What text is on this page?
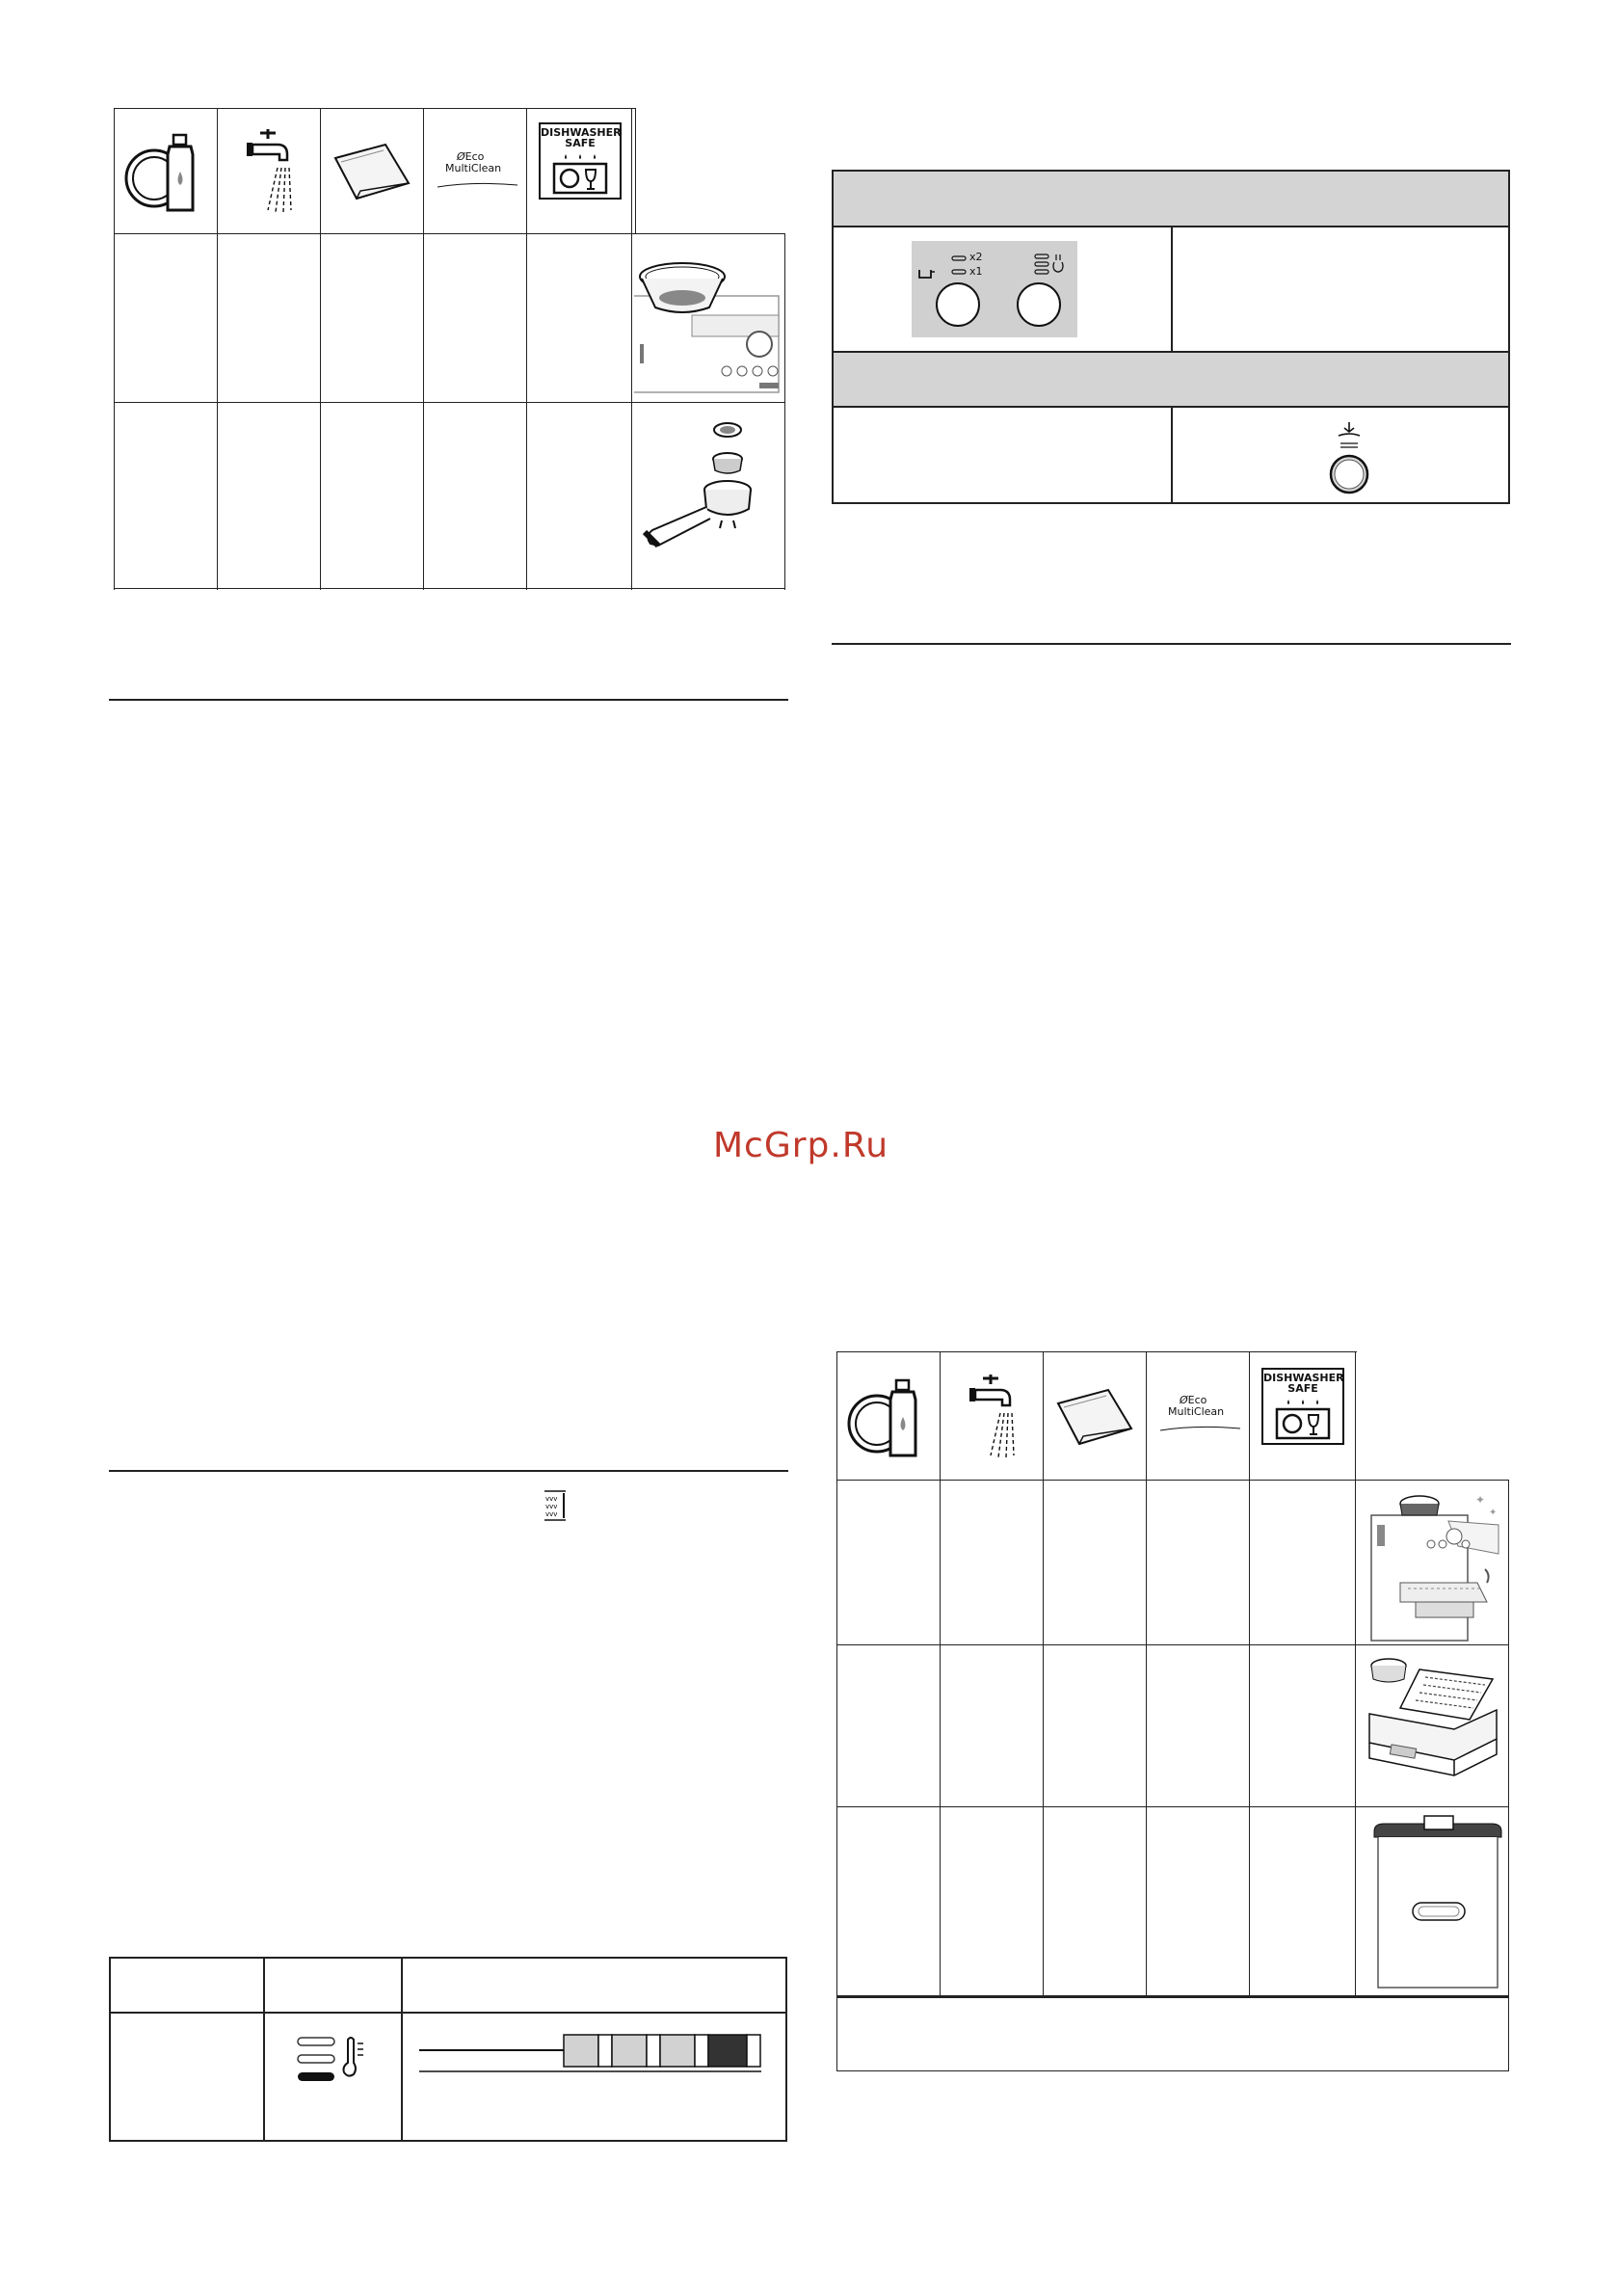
McGrp.Ru
ØEco
MultiClean
DISHWASHER
SAFE
ᴠᴠᴠ
ᴠᴠᴠ
ᴠᴠᴠ
x2
x1
ØEco
MultiClean
DISHWASHER
SAFE
✦
✦
